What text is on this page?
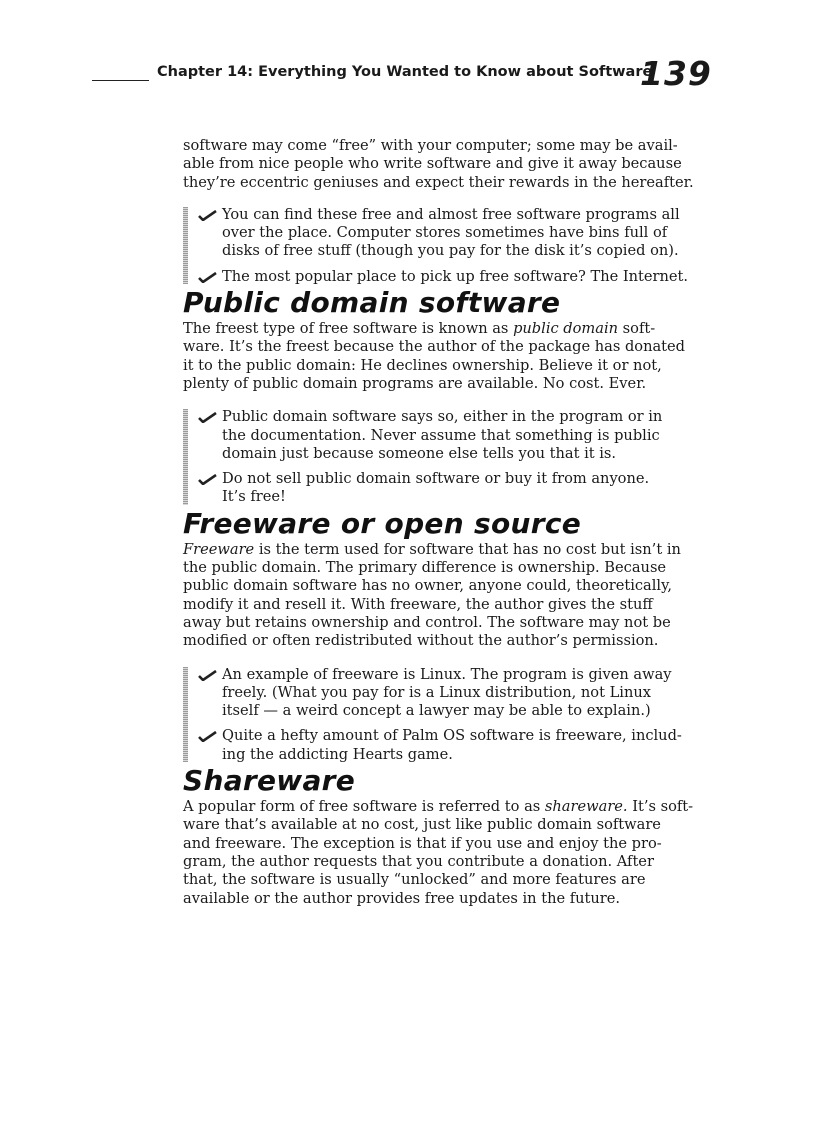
Chapter 14: Everything You Wanted to Know about Software
139

software may come “free” with your computer; some may be avail-
able from nice people who write software and give it away because
they’re eccentric geniuses and expect their rewards in the hereafter.

You can find these free and almost free software programs all
over the place. Computer stores sometimes have bins full of
disks of free stuff (though you pay for the disk it’s copied on).
The most popular place to pick up free software? The Internet.
Public domain software

The freest type of free software is known as public domain soft-
ware. It’s the freest because the author of the package has donated
it to the public domain: He declines ownership. Believe it or not,
plenty of public domain programs are available. No cost. Ever.

Public domain software says so, either in the program or in
the documentation. Never assume that something is public
domain just because someone else tells you that it is.
Do not sell public domain software or buy it from anyone.
It’s free!
Freeware or open source

Freeware is the term used for software that has no cost but isn’t in
the public domain. The primary difference is ownership. Because
public domain software has no owner, anyone could, theoretically,
modify it and resell it. With freeware, the author gives the stuff
away but retains ownership and control. The software may not be
modified or often redistributed without the author’s permission.

An example of freeware is Linux. The program is given away
freely. (What you pay for is a Linux distribution, not Linux
itself — a weird concept a lawyer may be able to explain.)
Quite a hefty amount of Palm OS software is freeware, includ-
ing the addicting Hearts game.
Shareware

A popular form of free software is referred to as shareware. It’s soft-
ware that’s available at no cost, just like public domain software
and freeware. The exception is that if you use and enjoy the pro-
gram, the author requests that you contribute a donation. After
that, the software is usually “unlocked” and more features are
available or the author provides free updates in the future.
